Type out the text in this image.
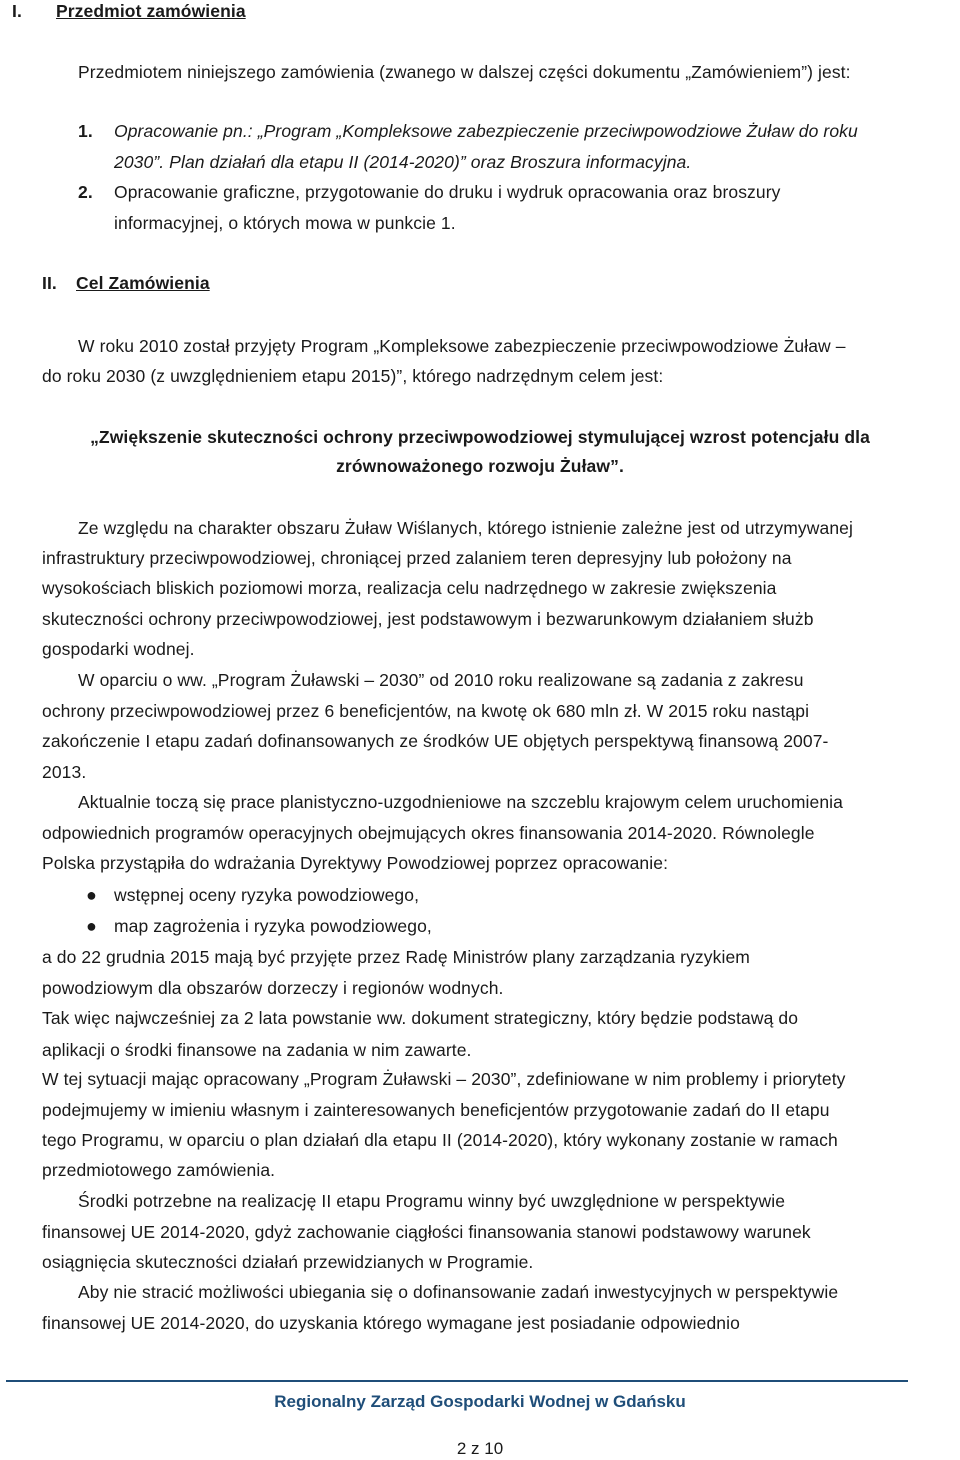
I. Przedmiot zamówienia
Przedmiotem niniejszego zamówienia (zwanego w dalszej części dokumentu „Zamówieniem”) jest:
1. Opracowanie pn.: „Program „Kompleksowe zabezpieczenie przeciwpowodziowe Żuław do roku
2030”. Plan działań dla etapu II (2014-2020)” oraz Broszura informacyjna.
2. Opracowanie graficzne, przygotowanie do druku i wydruk opracowania oraz broszury
informacyjnej, o których mowa w punkcie 1.
II. Cel Zamówienia
W roku 2010 został przyjęty Program „Kompleksowe zabezpieczenie przeciwpowodziowe Żuław –
do roku 2030 (z uwzględnieniem etapu 2015)”, którego nadrzędnym celem jest:
„Zwiększenie skuteczności ochrony przeciwpowodziowej stymulującej wzrost potencjału dla
zrównoważonego rozwoju Żuław”.
Ze względu na charakter obszaru Żuław Wiślanych, którego istnienie zależne jest od utrzymywanej
infrastruktury przeciwpowodziowej, chroniącej przed zalaniem teren depresyjny lub położony na
wysokościach bliskich poziomowi morza, realizacja celu nadrzędnego w zakresie zwiększenia
skuteczności ochrony przeciwpowodziowej, jest podstawowym i bezwarunkowym działaniem służb
gospodarki wodnej.
W oparciu o ww. „Program Żuławski – 2030” od 2010 roku realizowane są zadania z zakresu
ochrony przeciwpowodziowej przez 6 beneficjentów, na kwotę ok 680 mln zł. W 2015 roku nastąpi
zakończenie I etapu zadań dofinansowanych ze środków UE objętych perspektywą finansową 2007-
2013.
Aktualnie toczą się prace planistyczno-uzgodnieniowe na szczeblu krajowym celem uruchomienia
odpowiednich programów operacyjnych obejmujących okres finansowania 2014-2020. Równolegle
Polska przystąpiła do wdrażania Dyrektywy Powodziowej poprzez opracowanie:
● wstępnej oceny ryzyka powodziowego,
● map zagrożenia i ryzyka powodziowego,
a do 22 grudnia 2015 mają być przyjęte przez Radę Ministrów plany zarządzania ryzykiem
powodziowym dla obszarów dorzeczy i regionów wodnych.
Tak więc najwcześniej za 2 lata powstanie ww. dokument strategiczny, który będzie podstawą do
aplikacji o środki finansowe na zadania w nim zawarte.
W tej sytuacji mając opracowany „Program Żuławski – 2030”, zdefiniowane w nim problemy i priorytety
podejmujemy w imieniu własnym i zainteresowanych beneficjentów przygotowanie zadań do II etapu
tego Programu, w oparciu o plan działań dla etapu II (2014-2020), który wykonany zostanie w ramach
przedmiotowego zamówienia.
Środki potrzebne na realizację II etapu Programu winny być uwzględnione w perspektywie
finansowej UE 2014-2020, gdyż zachowanie ciągłości finansowania stanowi podstawowy warunek
osiągnięcia skuteczności działań przewidzianych w Programie.
Aby nie stracić możliwości ubiegania się o dofinansowanie zadań inwestycyjnych w perspektywie
finansowej UE 2014-2020, do uzyskania którego wymagane jest posiadanie odpowiednio
Regionalny Zarząd Gospodarki Wodnej w Gdańsku
2 z 10
